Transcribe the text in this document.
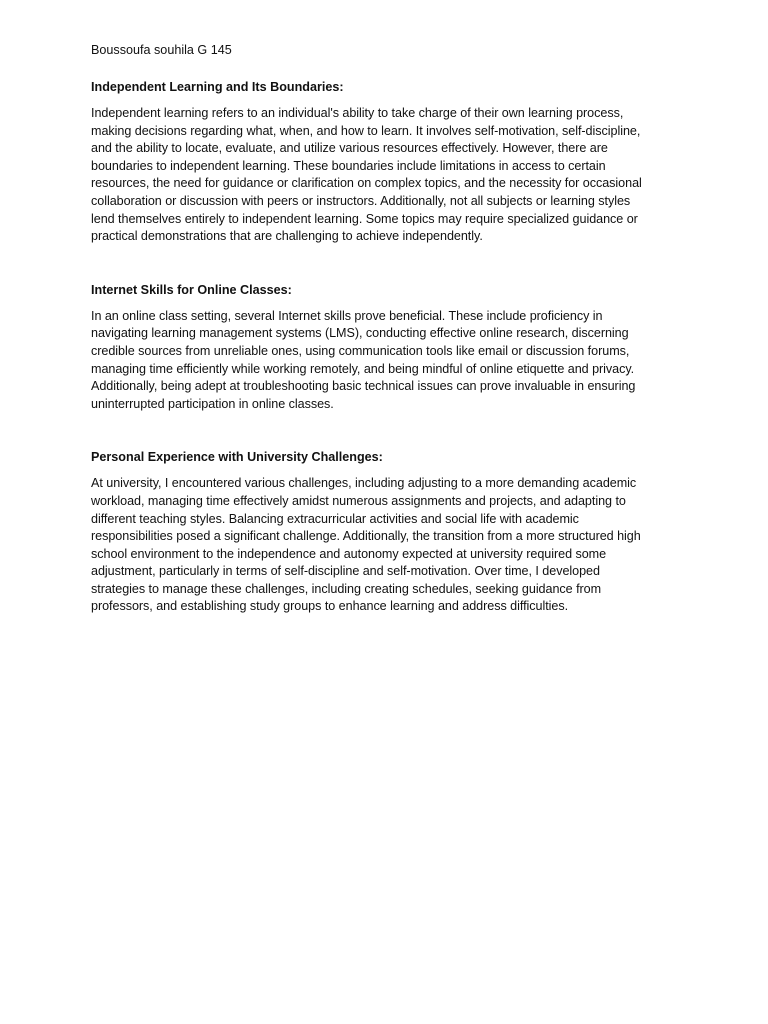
Boussoufa souhila G 145

Independent Learning and Its Boundaries:

Independent learning refers to an individual's ability to take charge of their own learning process,
making decisions regarding what, when, and how to learn. It involves self-motivation, self-discipline,
and the ability to locate, evaluate, and utilize various resources effectively. However, there are
boundaries to independent learning. These boundaries include limitations in access to certain
resources, the need for guidance or clarification on complex topics, and the necessity for occasional
collaboration or discussion with peers or instructors. Additionally, not all subjects or learning styles
lend themselves entirely to independent learning. Some topics may require specialized guidance or
practical demonstrations that are challenging to achieve independently.

Internet Skills for Online Classes:

In an online class setting, several Internet skills prove beneficial. These include proficiency in
navigating learning management systems (LMS), conducting effective online research, discerning
credible sources from unreliable ones, using communication tools like email or discussion forums,
managing time efficiently while working remotely, and being mindful of online etiquette and privacy.
Additionally, being adept at troubleshooting basic technical issues can prove invaluable in ensuring
uninterrupted participation in online classes.

Personal Experience with University Challenges:

At university, I encountered various challenges, including adjusting to a more demanding academic
workload, managing time effectively amidst numerous assignments and projects, and adapting to
different teaching styles. Balancing extracurricular activities and social life with academic
responsibilities posed a significant challenge. Additionally, the transition from a more structured high
school environment to the independence and autonomy expected at university required some
adjustment, particularly in terms of self-discipline and self-motivation. Over time, I developed
strategies to manage these challenges, including creating schedules, seeking guidance from
professors, and establishing study groups to enhance learning and address difficulties.
